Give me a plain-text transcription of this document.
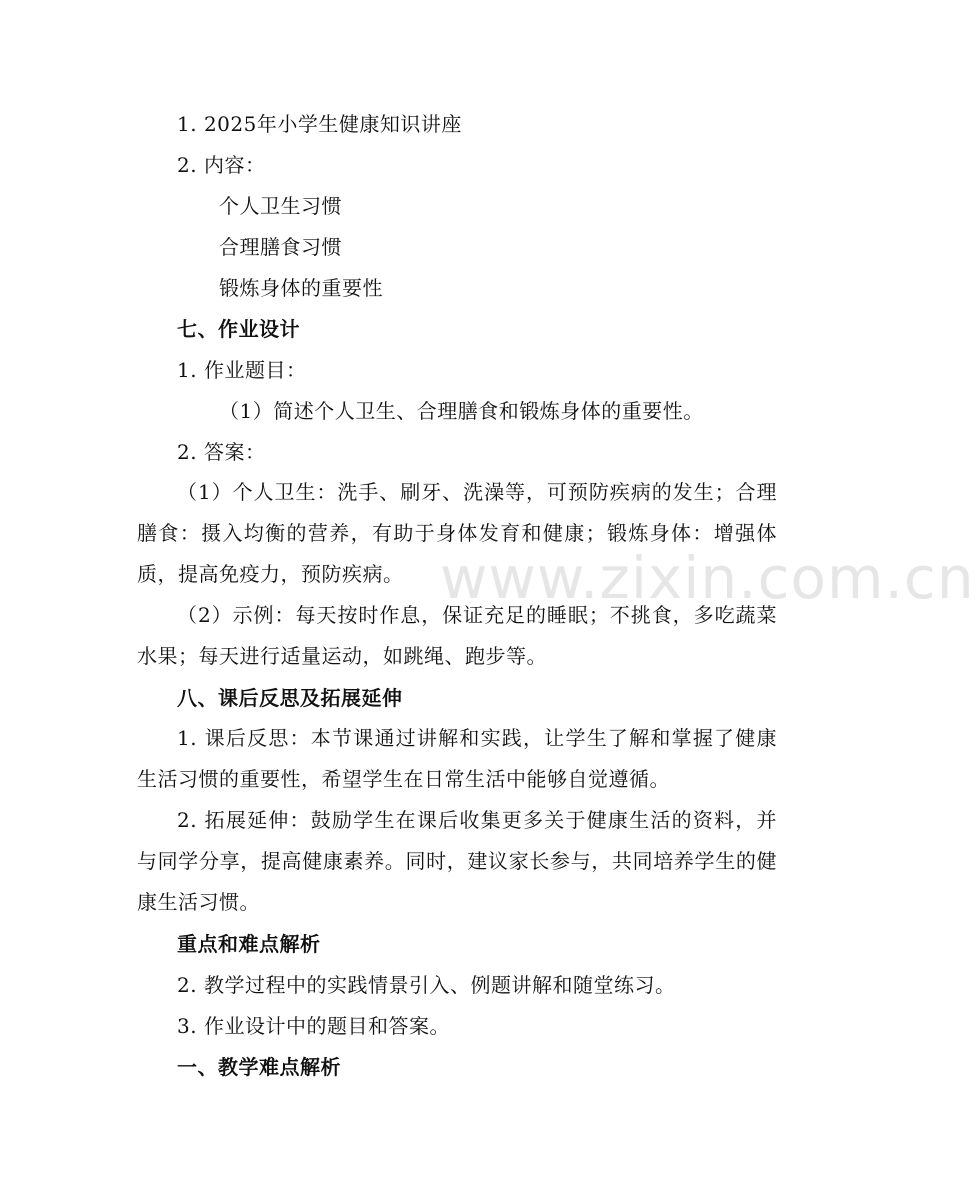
1. 2025年小学生健康知识讲座
2. 内容：
个人卫生习惯
合理膳食习惯
锻炼身体的重要性
七、作业设计
1. 作业题目：
（1）简述个人卫生、合理膳食和锻炼身体的重要性。
2. 答案：
（1）个人卫生：洗手、刷牙、洗澡等，可预防疾病的发生；合理膳食：摄入均衡的营养，有助于身体发育和健康；锻炼身体：增强体质，提高免疫力，预防疾病。
（2）示例：每天按时作息，保证充足的睡眠；不挑食，多吃蔬菜水果；每天进行适量运动，如跳绳、跑步等。
八、课后反思及拓展延伸
1. 课后反思：本节课通过讲解和实践，让学生了解和掌握了健康生活习惯的重要性，希望学生在日常生活中能够自觉遵循。
2. 拓展延伸：鼓励学生在课后收集更多关于健康生活的资料，并与同学分享，提高健康素养。同时，建议家长参与，共同培养学生的健康生活习惯。
重点和难点解析
2. 教学过程中的实践情景引入、例题讲解和随堂练习。
3. 作业设计中的题目和答案。
一、教学难点解析
www.zixin.com.cn
